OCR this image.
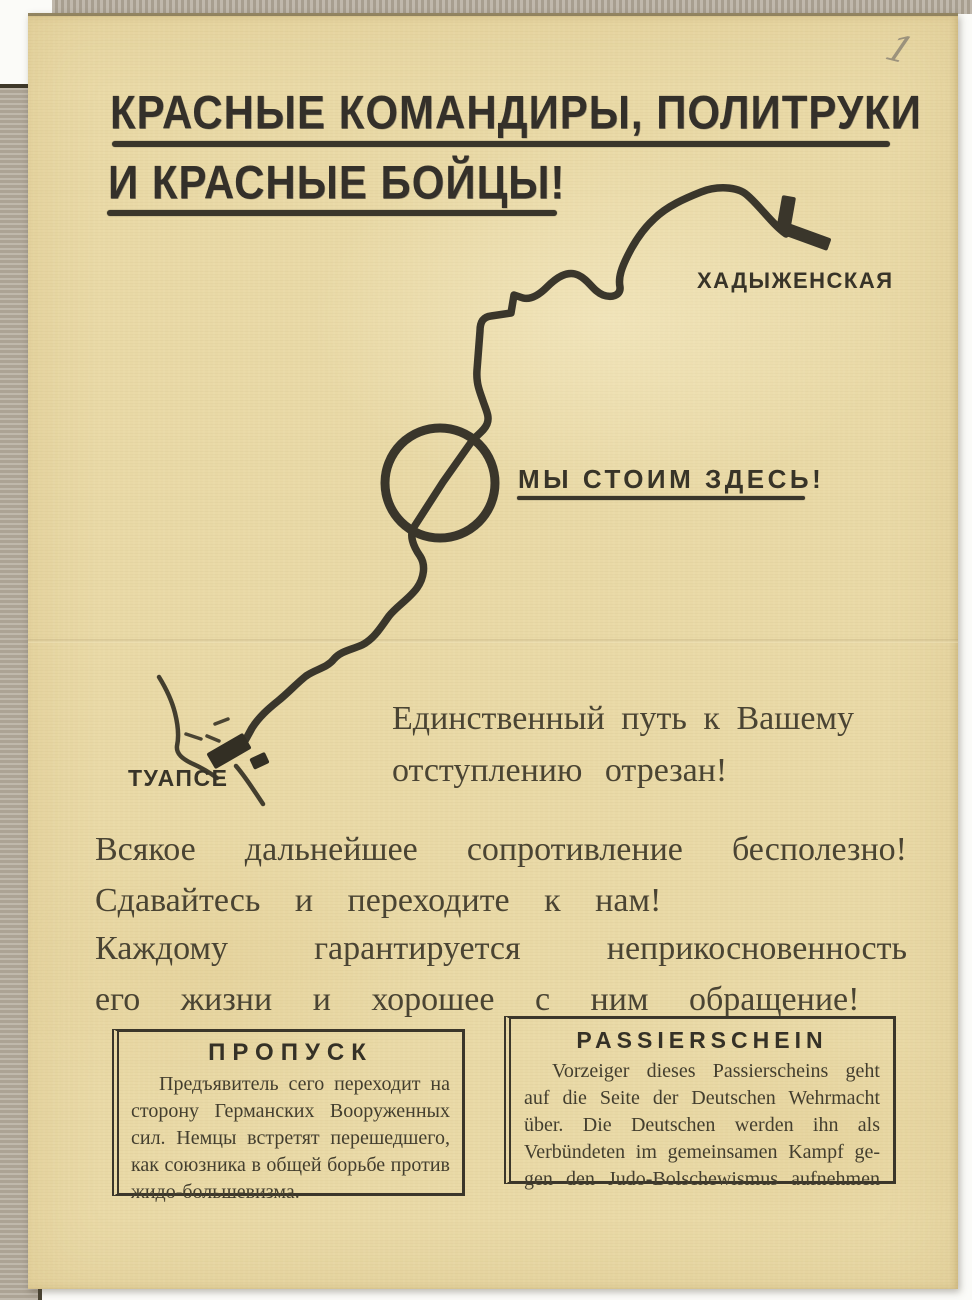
1
КРАСНЫЕ КОМАНДИРЫ, ПОЛИТРУКИ
И КРАСНЫЕ БОЙЦЫ!
ХАДЫЖЕНСКАЯ
МЫ СТОИМ ЗДЕСЬ!
ТУАПСЕ
Единственный путь к Вашему
отступлению отрезан!
Всякое дальнейшее сопротивление бесполезно!
Сдавайтесь и переходите к нам!
Каждому гарантируется неприкосновенность
его жизни и хорошее с ним обращение!
ПРОПУСК
Предъявитель сего переходит на
сторону Германских Вооруженных
сил. Немцы встретят перешедшего,
как союзника в общей борьбе против
жидо-большевизма.
PASSIERSCHEIN
Vorzeiger dieses Passierscheins geht
auf die Seite der Deutschen Wehrmacht
über. Die Deutschen werden ihn als
Verbündeten im gemeinsamen Kampf ge-
gen den Judo-Bolschewismus aufnehmen
